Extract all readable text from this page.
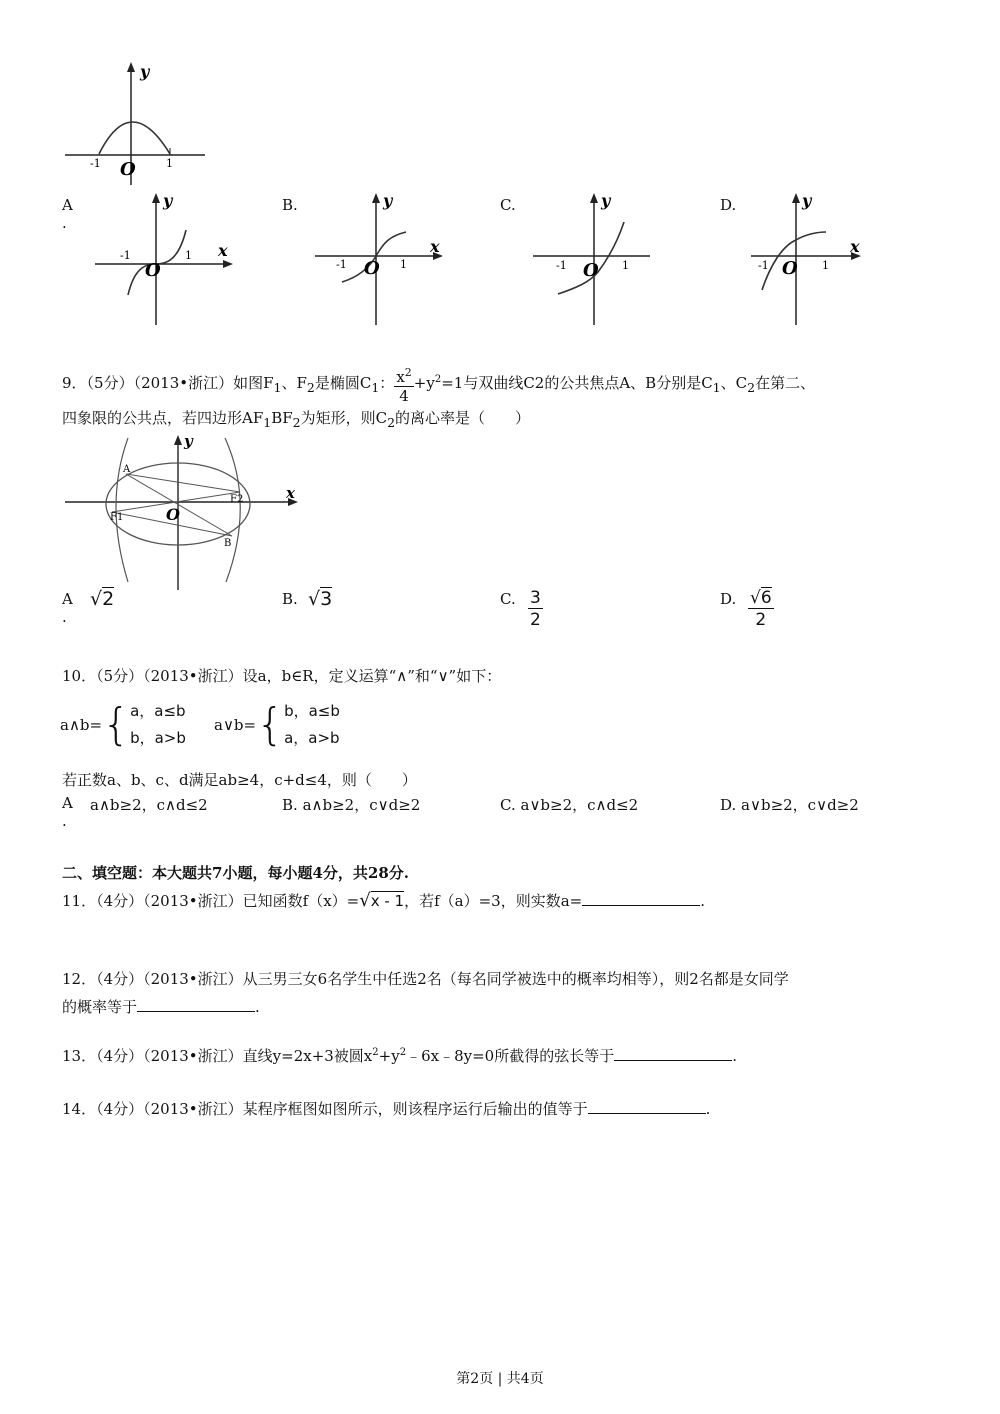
y
-1	1
O
A
.
B.	C.	D.
y
x
-1	1
O
y
x
-1	1
O
y
-1	1
O
y
x
-1	1
O
9．（5分）（2013•浙江）如图$F_1$、$F_2$是椭圆$C_1$： $\frac{x^2}{4} +y^2=1$与双曲线C2的公共焦点A、B分别是$C_1$、$C_2$在第二、
四象限的公共点，若四边形$AF_1BF_2$为矩形，则$C_2$的离心率是（　　）
y
x
A
B
F1
F2
O
A
.
√2	B. √3	C. $\frac{3}{2}$	D. $\frac{√6}{2}$
10．（5分）（2013•浙江）设a，b∈R，定义运算“∧”和“∨”如下：
a∧b= { a，a≤b
b，a>b
a∨b= { b，a≤b
a，a>b
若正数a、b、c、d满足ab≥4，c+d≤4，则（　　）
A
.
a∧b≥2，c∧d≤2	B. a∧b≥2，c∨d≥2	C. a∨b≥2，c∧d≤2	D. a∨b≥2，c∨d≥2
二、填空题：本大题共7小题，每小题4分，共28分.
11．（4分）（2013•浙江）已知函数f（x）=√x - 1，若f（a）=3，则实数a=	.
12．（4分）（2013•浙江）从三男三女6名学生中任选2名（每名同学被选中的概率均相等），则2名都是女同学
的概率等于	.
13．（4分）（2013•浙江）直线y=2x+3被圆$x^2+y^2﹣6x﹣8y=0$所截得的弦长等于	.
14．（4分）（2013•浙江）某程序框图如图所示，则该程序运行后输出的值等于	.
第2页 | 共4页
